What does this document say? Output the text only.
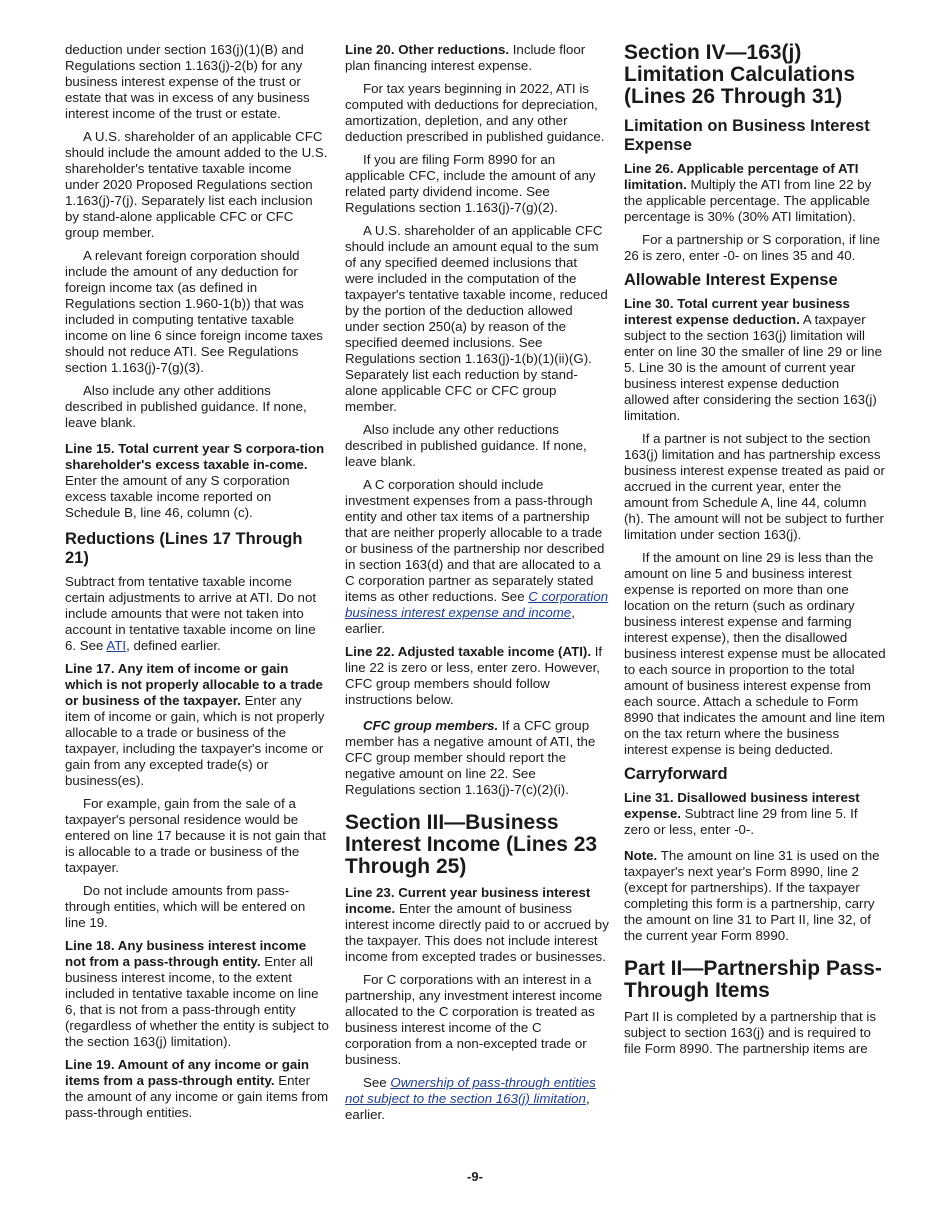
deduction under section 163(j)(1)(B) and Regulations section 1.163(j)-2(b) for any business interest expense of the trust or estate that was in excess of any business interest income of the trust or estate.

A U.S. shareholder of an applicable CFC should include the amount added to the U.S. shareholder's tentative taxable income under 2020 Proposed Regulations section 1.163(j)-7(j). Separately list each inclusion by stand-alone applicable CFC or CFC group member.

A relevant foreign corporation should include the amount of any deduction for foreign income tax (as defined in Regulations section 1.960-1(b)) that was included in computing tentative taxable income on line 6 since foreign income taxes should not reduce ATI. See Regulations section 1.163(j)-7(g)(3).

Also include any other additions described in published guidance. If none, leave blank.

Line 15. Total current year S corpora-tion shareholder's excess taxable in-come. Enter the amount of any S corporation excess taxable income reported on Schedule B, line 46, column (c).

Reductions (Lines 17 Through 21)

Subtract from tentative taxable income certain adjustments to arrive at ATI. Do not include amounts that were not taken into account in tentative taxable income on line 6. See ATI, defined earlier.

Line 17. Any item of income or gain which is not properly allocable to a trade or business of the taxpayer. Enter any item of income or gain, which is not properly allocable to a trade or business of the taxpayer, including the taxpayer's income or gain from any excepted trade(s) or business(es).

For example, gain from the sale of a taxpayer's personal residence would be entered on line 17 because it is not gain that is allocable to a trade or business of the taxpayer.

Do not include amounts from pass-through entities, which will be entered on line 19.

Line 18. Any business interest income not from a pass-through entity. Enter all business interest income, to the extent included in tentative taxable income on line 6, that is not from a pass-through entity (regardless of whether the entity is subject to the section 163(j) limitation).

Line 19. Amount of any income or gain items from a pass-through entity. Enter the amount of any income or gain items from pass-through entities.

Line 20. Other reductions. Include floor plan financing interest expense.

For tax years beginning in 2022, ATI is computed with deductions for depreciation, amortization, depletion, and any other deduction prescribed in published guidance.

If you are filing Form 8990 for an applicable CFC, include the amount of any related party dividend income. See Regulations section 1.163(j)-7(g)(2).

A U.S. shareholder of an applicable CFC should include an amount equal to the sum of any specified deemed inclusions that were included in the computation of the taxpayer's tentative taxable income, reduced by the portion of the deduction allowed under section 250(a) by reason of the specified deemed inclusions. See Regulations section 1.163(j)-1(b)(1)(ii)(G). Separately list each reduction by stand-alone applicable CFC or CFC group member.

Also include any other reductions described in published guidance. If none, leave blank.

A C corporation should include investment expenses from a pass-through entity and other tax items of a partnership that are neither properly allocable to a trade or business of the partnership nor described in section 163(d) and that are allocated to a C corporation partner as separately stated items as other reductions. See C corporation business interest expense and income, earlier.

Line 22. Adjusted taxable income (ATI). If line 22 is zero or less, enter zero. However, CFC group members should follow instructions below.

CFC group members. If a CFC group member has a negative amount of ATI, the CFC group member should report the negative amount on line 22. See Regulations section 1.163(j)-7(c)(2)(i).

Section III—Business Interest Income (Lines 23 Through 25)

Line 23. Current year business interest income. Enter the amount of business interest income directly paid to or accrued by the taxpayer. This does not include interest income from excepted trades or businesses.

For C corporations with an interest in a partnership, any investment interest income allocated to the C corporation is treated as business interest income of the C corporation from a non-excepted trade or business.

See Ownership of pass-through entities not subject to the section 163(j) limitation, earlier.

Section IV—163(j) Limitation Calculations (Lines 26 Through 31)
Limitation on Business Interest Expense

Line 26. Applicable percentage of ATI limitation. Multiply the ATI from line 22 by the applicable percentage. The applicable percentage is 30% (30% ATI limitation).

For a partnership or S corporation, if line 26 is zero, enter -0- on lines 35 and 40.

Allowable Interest Expense

Line 30. Total current year business interest expense deduction. A taxpayer subject to the section 163(j) limitation will enter on line 30 the smaller of line 29 or line 5. Line 30 is the amount of current year business interest expense deduction allowed after considering the section 163(j) limitation.

If a partner is not subject to the section 163(j) limitation and has partnership excess business interest expense treated as paid or accrued in the current year, enter the amount from Schedule A, line 44, column (h). The amount will not be subject to further limitation under section 163(j).

If the amount on line 29 is less than the amount on line 5 and business interest expense is reported on more than one location on the return (such as ordinary business interest expense and farming interest expense), then the disallowed business interest expense must be allocated to each source in proportion to the total amount of business interest expense from each source. Attach a schedule to Form 8990 that indicates the amount and line item on the tax return where the business interest expense is being deducted.

Carryforward

Line 31. Disallowed business interest expense. Subtract line 29 from line 5. If zero or less, enter -0-.

Note. The amount on line 31 is used on the taxpayer's next year's Form 8990, line 2 (except for partnerships). If the taxpayer completing this form is a partnership, carry the amount on line 31 to Part II, line 32, of the current year Form 8990.

Part II—Partnership Pass-Through Items

Part II is completed by a partnership that is subject to section 163(j) and is required to file Form 8990. The partnership items are

-9-
